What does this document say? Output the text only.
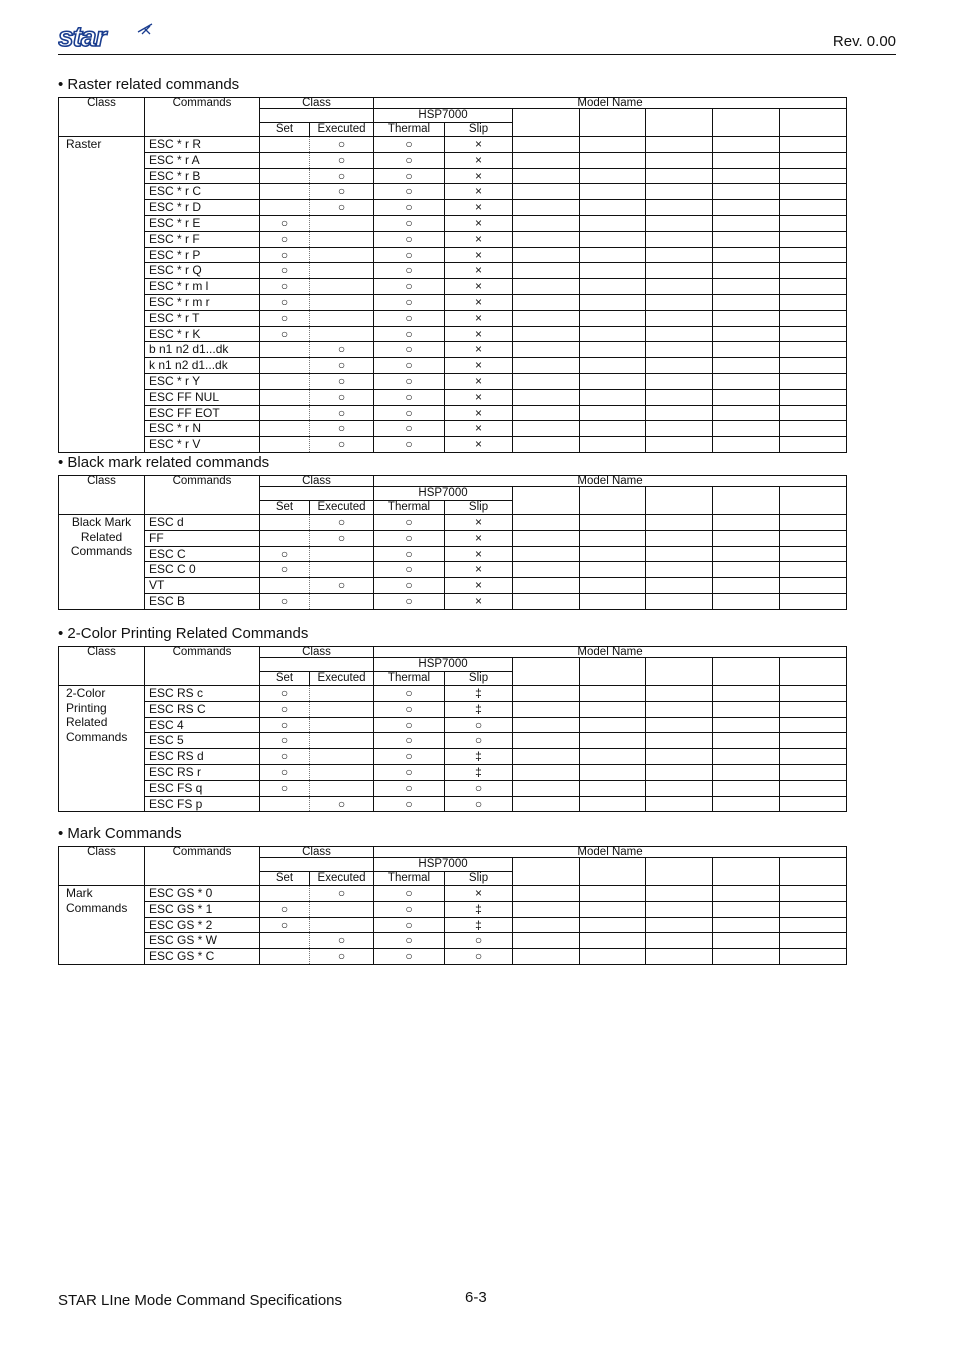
star	Rev. 0.00
• Raster related commands
Class	Commands	Class		Model Name						
				HSP7000						
		Set	Executed	Thermal	Slip					
Raster	ESC * r R		○	○	×					
	ESC * r A		○	○	×					
	ESC * r B		○	○	×					
	ESC * r C		○	○	×					
	ESC * r D		○	○	×					
	ESC * r E	○		○	×					
	ESC * r F	○		○	×					
	ESC * r P	○		○	×					
	ESC * r Q	○		○	×					
	ESC * r m l	○		○	×					
	ESC * r m r	○		○	×					
	ESC * r T	○		○	×					
	ESC * r K	○		○	×					
	b n1 n2 d1...dk		○	○	×					
	k n1 n2 d1...dk		○	○	×					
	ESC * r Y		○	○	×					
	ESC FF NUL		○	○	×					
	ESC FF EOT		○	○	×					
	ESC * r N		○	○	×					
	ESC * r V		○	○	×					
• Black mark related commands
Class	Commands	Class		Model Name						
				HSP7000						
		Set	Executed	Thermal	Slip					
Black Mark Related Commands	ESC d		○	○	×					
	FF		○	○	×					
	ESC C	○		○	×					
	ESC C 0	○		○	×					
	VT		○	○	×					
	ESC B	○		○	×					
• 2-Color Printing Related Commands
Class	Commands	Class		Model Name						
				HSP7000						
		Set	Executed	Thermal	Slip					
2-Color Printing Related Commands	ESC RS c	○		○	‡					
	ESC RS C	○		○	‡					
	ESC 4	○		○	○					
	ESC 5	○		○	○					
	ESC RS d	○		○	‡					
	ESC RS r	○		○	‡					
	ESC FS q	○		○	○					
	ESC FS p		○	○	○					
• Mark Commands
Class	Commands	Class		Model Name						
				HSP7000						
		Set	Executed	Thermal	Slip					
Mark Commands	ESC GS * 0		○	○	×					
	ESC GS * 1	○		○	‡					
	ESC GS * 2	○		○	‡					
	ESC GS * W		○	○	○					
	ESC GS * C		○	○	○					
STAR LIne Mode Command Specifications	6-3
